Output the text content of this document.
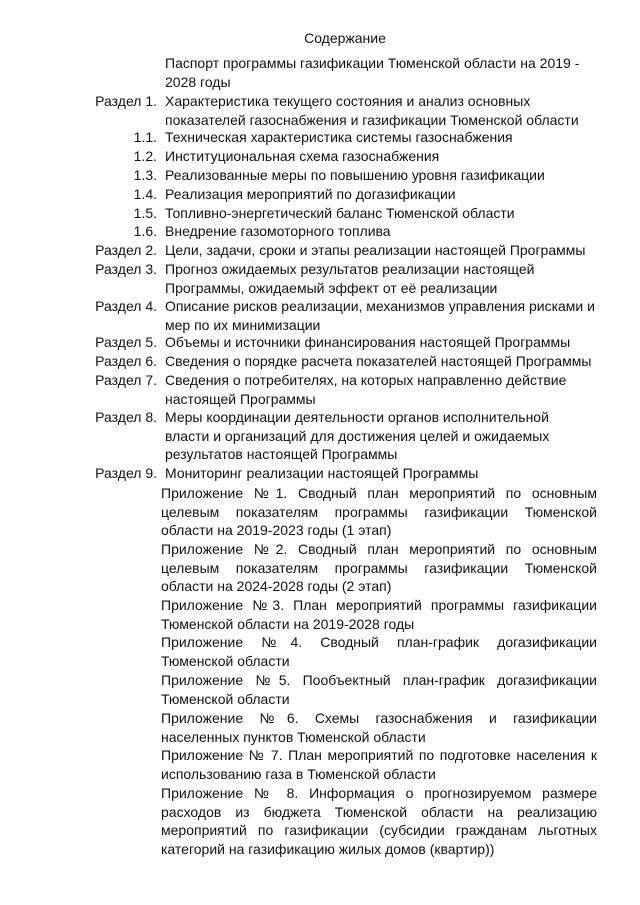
Содержание
Паспорт программы газификации Тюменской области на 2019 - 2028 годы
Раздел 1. Характеристика текущего состояния и анализ основных показателей газоснабжения и газификации Тюменской области
1.1. Техническая характеристика системы газоснабжения
1.2. Институциональная схема газоснабжения
1.3. Реализованные меры по повышению уровня газификации
1.4. Реализация мероприятий по догазификации
1.5. Топливно-энергетический баланс Тюменской области
1.6. Внедрение газомоторного топлива
Раздел 2. Цели, задачи, сроки и этапы реализации настоящей Программы
Раздел 3. Прогноз ожидаемых результатов реализации настоящей Программы, ожидаемый эффект от её реализации
Раздел 4. Описание рисков реализации, механизмов управления рисками и мер по их минимизации
Раздел 5. Объемы и источники финансирования настоящей Программы
Раздел 6. Сведения о порядке расчета показателей настоящей Программы
Раздел 7. Сведения о потребителях, на которых направленно действие настоящей Программы
Раздел 8. Меры координации деятельности органов исполнительной власти и организаций для достижения целей и ожидаемых результатов настоящей Программы
Раздел 9. Мониторинг реализации настоящей Программы
Приложение №1. Сводный план мероприятий по основным целевым показателям программы газификации Тюменской области на 2019-2023 годы (1 этап)
Приложение №2. Сводный план мероприятий по основным целевым показателям программы газификации Тюменской области на 2024-2028 годы (2 этап)
Приложение №3. План мероприятий программы газификации Тюменской области на 2019-2028 годы
Приложение №4. Сводный план-график догазификации Тюменской области
Приложение №5. Пообъектный план-график догазификации Тюменской области
Приложение №6. Схемы газоснабжения и газификации населенных пунктов Тюменской области
Приложение № 7. План мероприятий по подготовке населения к использованию газа в Тюменской области
Приложение № 8. Информация о прогнозируемом размере расходов из бюджета Тюменской области на реализацию мероприятий по газификации (субсидии гражданам льготных категорий на газификацию жилых домов (квартир))
